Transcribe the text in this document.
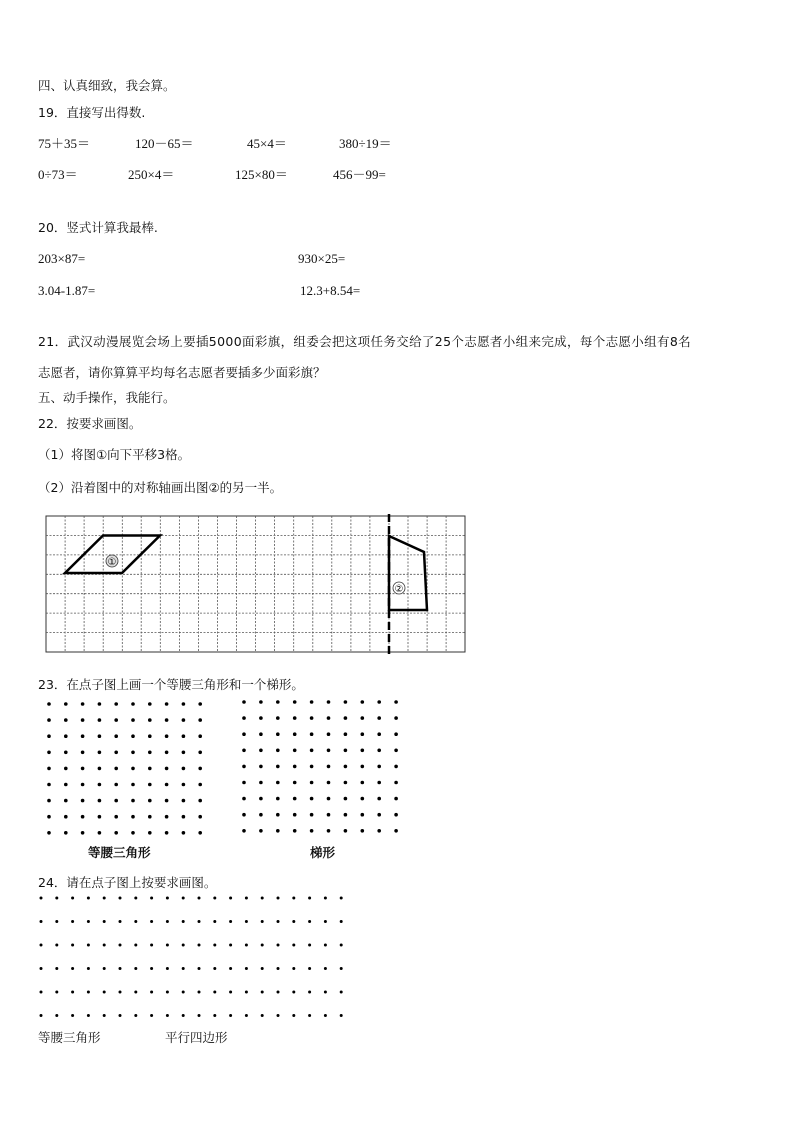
四、认真细致，我会算。
19．直接写出得数.
75＋35＝	120－65＝	45×4＝	380÷19＝
0÷73＝	250×4＝	125×80＝	456－99=
20．竖式计算我最棒.
203×87=	930×25=
3.04-1.87=	12.3+8.54=
21．武汉动漫展览会场上要插5000面彩旗，组委会把这项任务交给了25个志愿者小组来完成，每个志愿小组有8名
志愿者，请你算算平均每名志愿者要插多少面彩旗？
五、动手操作，我能行。
22．按要求画图。
（1）将图①向下平移3格。
（2）沿着图中的对称轴画出图②的另一半。
①
②
23．在点子图上画一个等腰三角形和一个梯形。
等腰三角形	梯形
24．请在点子图上按要求画图。
等腰三角形	平行四边形
